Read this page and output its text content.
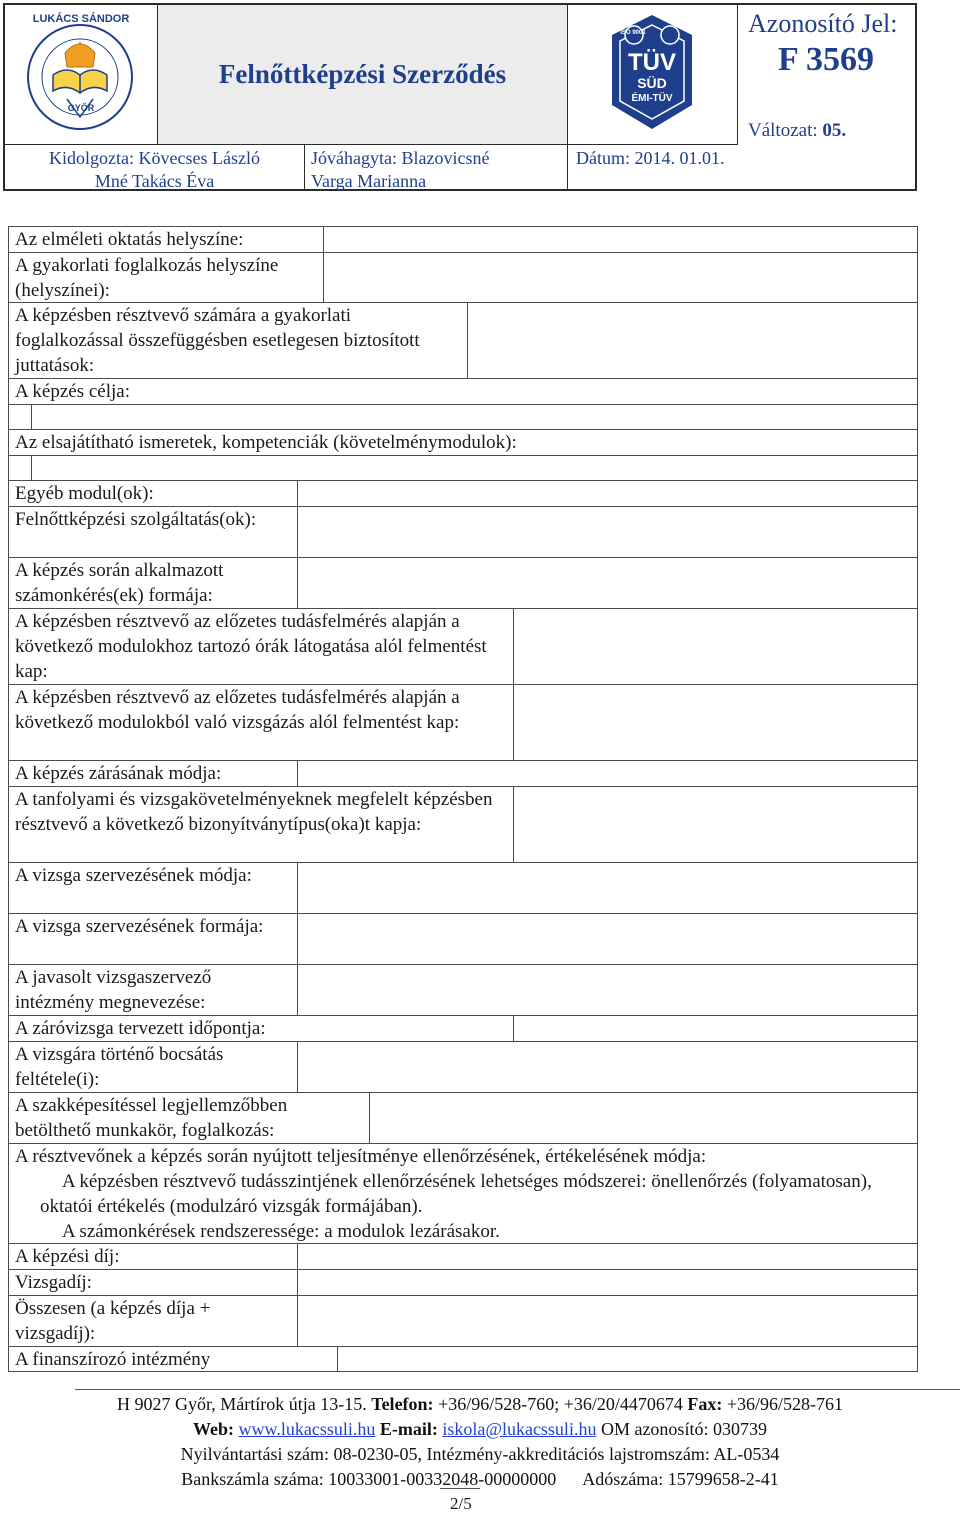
LUKÁCS SÁNDOR
GYŐR
Felnőttképzési Szerződés	TÜV
SÜD
ÉMI-TÜV
ISO 9001	Azonosító Jel:
F 3569
Változat: 05.
Kidolgozta: Kövecses László
Mné Takács Éva
Jóváhagyta: Blazovicsné
Varga Marianna
Dátum: 2014. 01.01.
Az elméleti oktatás helyszíne:
A gyakorlati foglalkozás helyszíne (helyszínei):
A képzésben résztvevő számára a gyakorlati foglalkozással összefüggésben esetlegesen biztosított juttatások:
A képzés célja:
Az elsajátítható ismeretek, kompetenciák (követelménymodulok):
Egyéb modul(ok):
Felnőttképzési szolgáltatás(ok):
A képzés során alkalmazott számonkérés(ek) formája:
A képzésben résztvevő az előzetes tudásfelmérés alapján a következő modulokhoz tartozó órák látogatása alól felmentést kap:
A képzésben résztvevő az előzetes tudásfelmérés alapján a következő modulokból való vizsgázás alól felmentést kap:
A képzés zárásának módja:
A tanfolyami és vizsgakövetelményeknek megfelelt képzésben résztvevő a következő bizonyítványtípus(oka)t kapja:
A vizsga szervezésének módja:
A vizsga szervezésének formája:
A javasolt vizsgaszervező intézmény megnevezése:
A záróvizsga tervezett időpontja:
A vizsgára történő bocsátás feltétele(i):
A szakképesítéssel legjellemzőbben betölthető munkakör, foglalkozás:

A résztvevőnek a képzés során nyújtott teljesítménye ellenőrzésének, értékelésének módja:

A képzésben résztvevő tudásszintjének ellenőrzésének lehetséges módszerei: önellenőrzés (folyamatosan), oktatói értékelés (modulzáró vizsgák formájában).

A számonkérések rendszeressége: a modulok lezárásakor.

A képzési díj:
Vizsgadíj:
Összesen (a képzés díja + vizsgadíj):
A finanszírozó intézmény
H 9027 Győr, Mártírok útja 13-15. Telefon: +36/96/528-760; +36/20/4470674 Fax: +36/96/528-761
Web: www.lukacssuli.hu E-mail: iskola@lukacssuli.hu OM azonosító: 030739
Nyilvántartási szám: 08-0230-05, Intézmény-akkreditációs lajstromszám: AL-0534
Bankszámla száma: 10033001-00332048-00000000 Adószáma: 15799658-2-41
2/5
